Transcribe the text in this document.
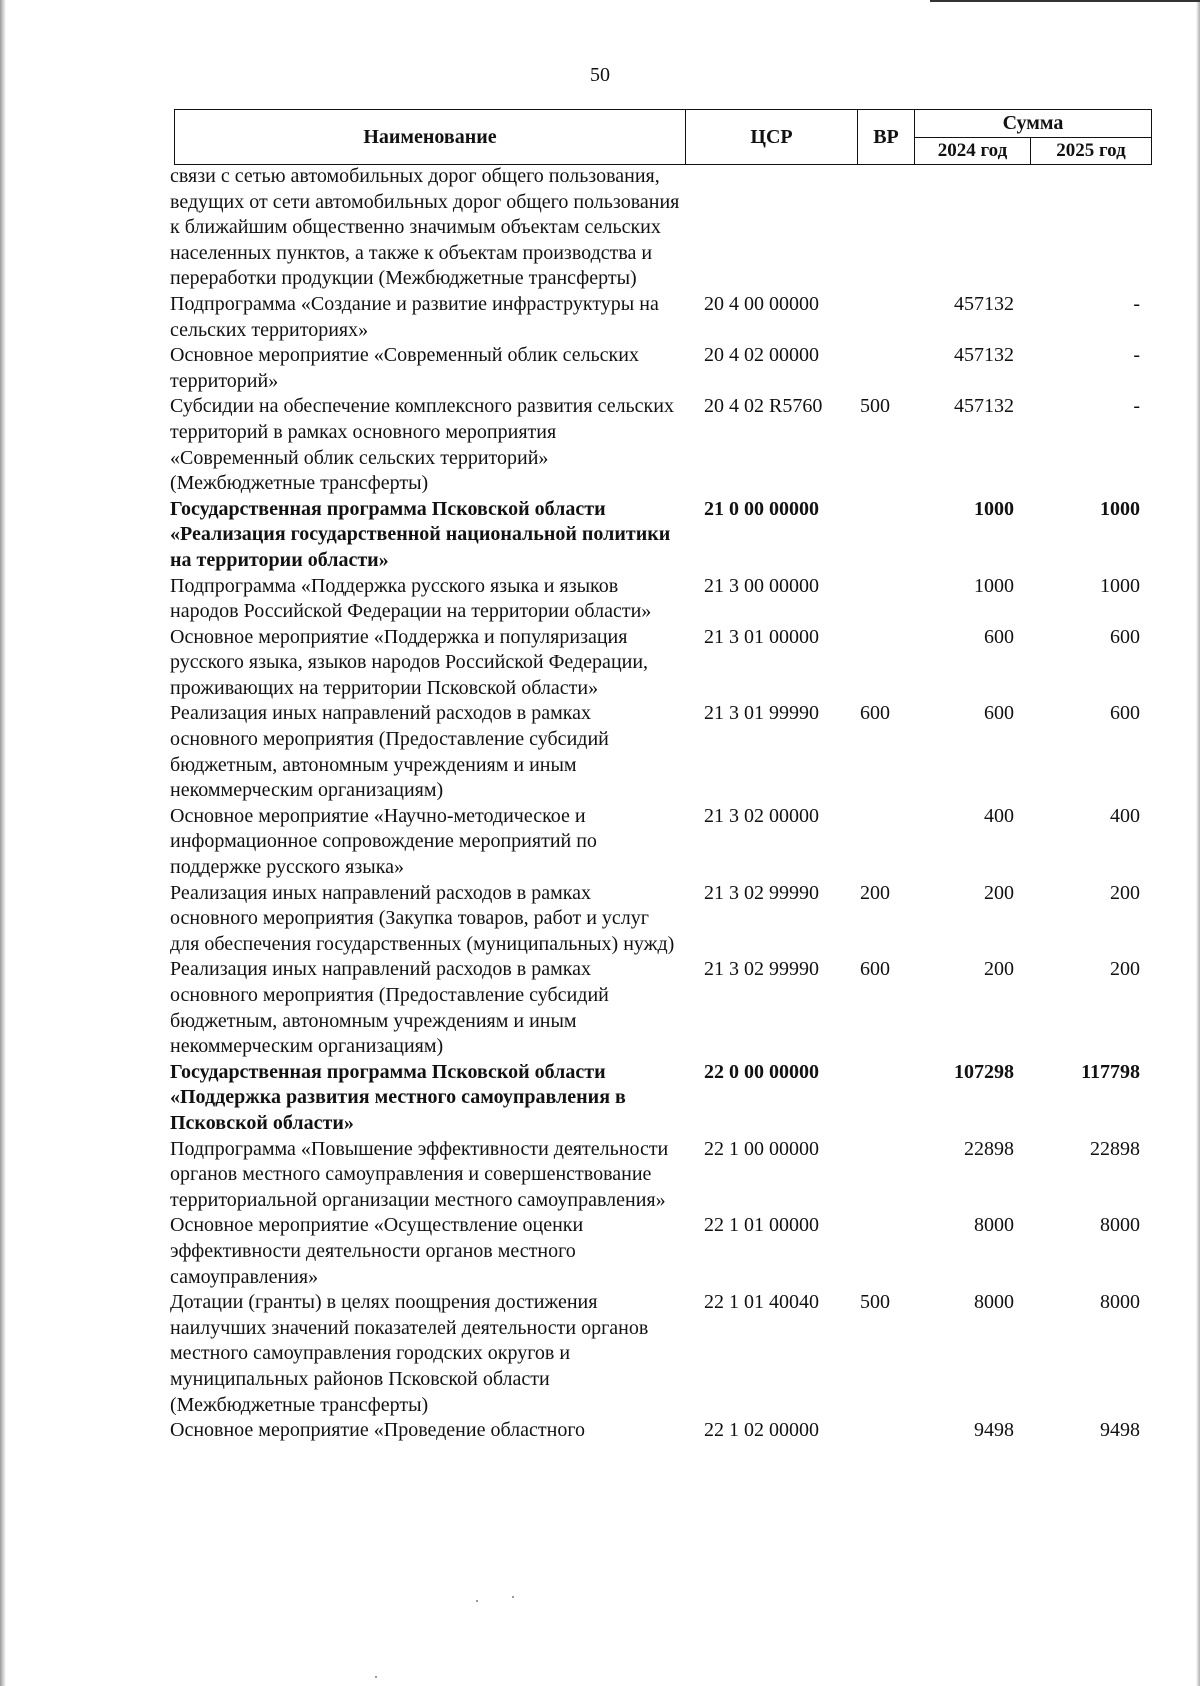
50
Наименование	ЦСР	ВР
Сумма
2024 год	2025 год
связи с сетью автомобильных дорог общего пользования, ведущих от сети автомобильных дорог общего пользования к ближайшим общественно значимым объектам сельских населенных пунктов, а также к объектам производства и переработки продукции (Межбюджетные трансферты)
Подпрограмма «Создание и развитие инфраструктуры на сельских территориях»
20 4 00 00000	457132	-
Основное мероприятие «Современный облик сельских территорий»
20 4 02 00000	457132	-
Субсидии на обеспечение комплексного развития сельских территорий в рамках основного мероприятия «Современный облик сельских территорий» (Межбюджетные трансферты)
20 4 02 R5760 500	457132	-
Государственная программа Псковской области «Реализация государственной национальной политики на территории области»
21 0 00 00000	1000	1000
Подпрограмма «Поддержка русского языка и языков народов Российской Федерации на территории области»
21 3 00 00000	1000	1000
Основное мероприятие «Поддержка и популяризация русского языка, языков народов Российской Федерации, проживающих на территории Псковской области»
21 3 01 00000	600	600
Реализация иных направлений расходов в рамках основного мероприятия (Предоставление субсидий бюджетным, автономным учреждениям и иным некоммерческим организациям)
21 3 01 99990 600	600	600
Основное мероприятие «Научно-методическое и информационное сопровождение мероприятий по поддержке русского языка»
21 3 02 00000	400	400
Реализация иных направлений расходов в рамках основного мероприятия (Закупка товаров, работ и услуг для обеспечения государственных (муниципальных) нужд)
21 3 02 99990 200	200	200
Реализация иных направлений расходов в рамках основного мероприятия (Предоставление субсидий бюджетным, автономным учреждениям и иным некоммерческим организациям)
21 3 02 99990 600	200	200
Государственная программа Псковской области «Поддержка развития местного самоуправления в Псковской области»
22 0 00 00000	107298	117798
Подпрограмма «Повышение эффективности деятельности органов местного самоуправления и совершенствование территориальной организации местного самоуправления»
22 1 00 00000	22898	22898
Основное мероприятие «Осуществление оценки эффективности деятельности органов местного самоуправления»
22 1 01 00000	8000	8000
Дотации (гранты) в целях поощрения достижения наилучших значений показателей деятельности органов местного самоуправления городских округов и муниципальных районов Псковской области (Межбюджетные трансферты)
22 1 01 40040 500	8000	8000
Основное мероприятие «Проведение областного	22 1 02 00000	9498	9498
